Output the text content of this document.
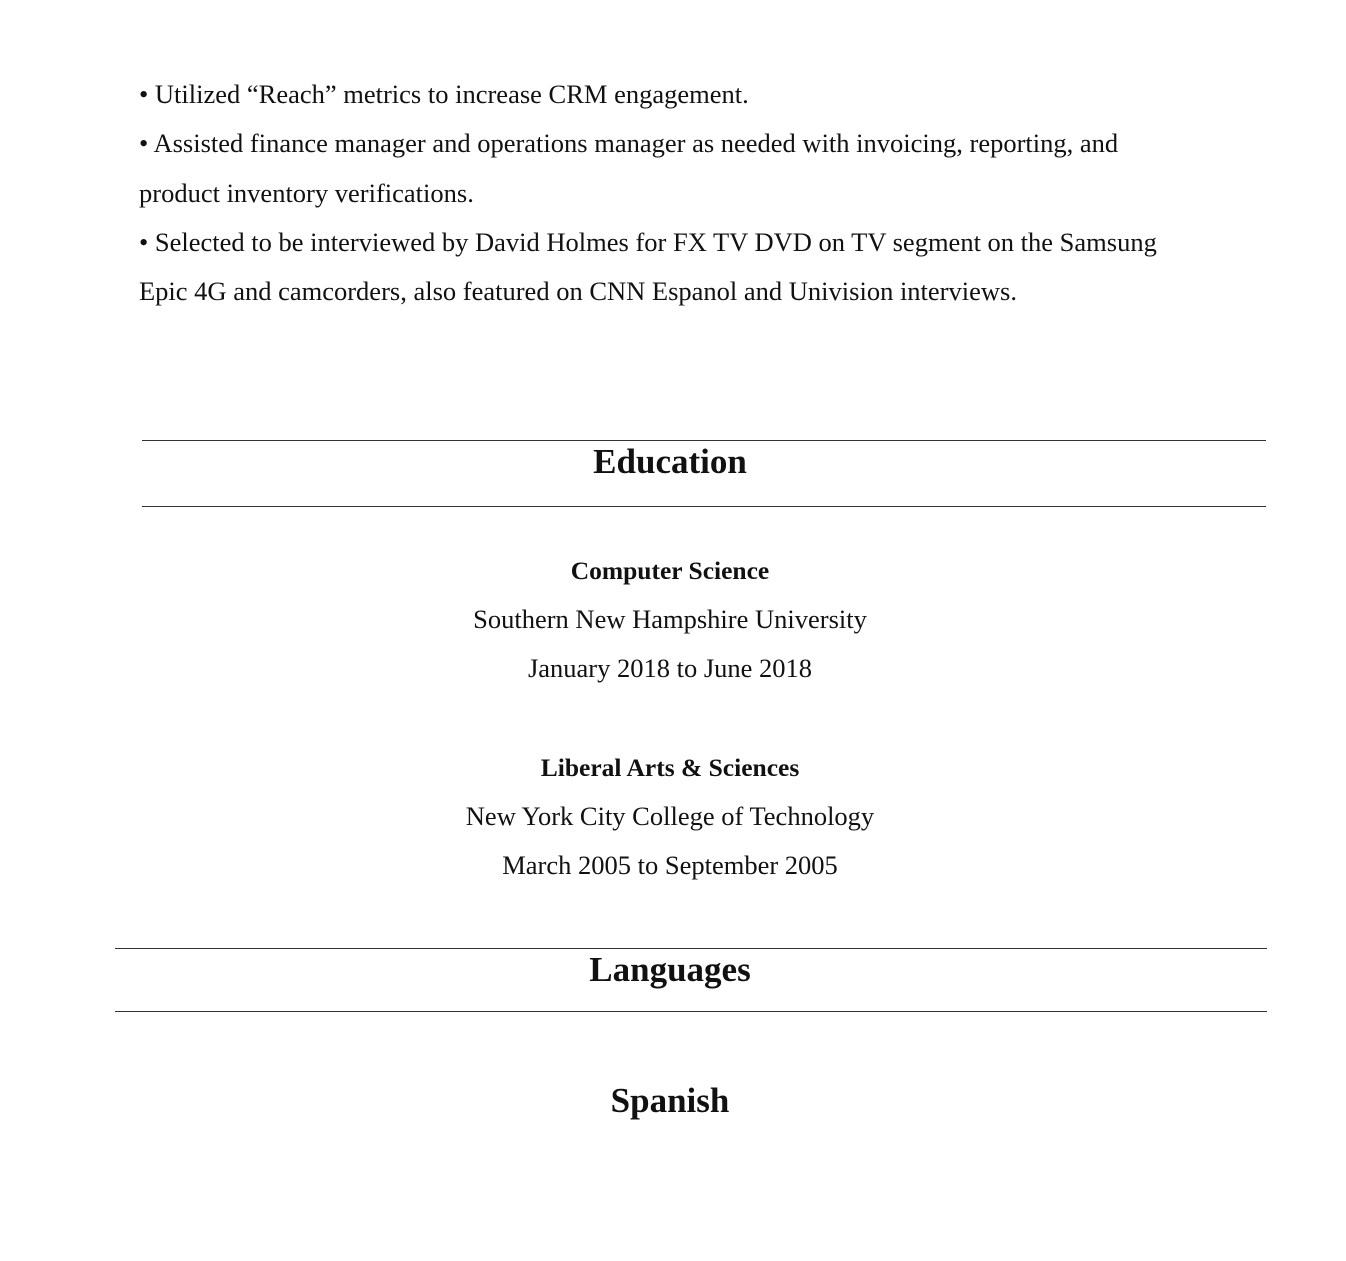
• Utilized “Reach” metrics to increase CRM engagement.
• Assisted finance manager and operations manager as needed with invoicing, reporting, and product inventory verifications.
• Selected to be interviewed by David Holmes for FX TV DVD on TV segment on the Samsung Epic 4G and camcorders, also featured on CNN Espanol and Univision interviews.
Education
Computer Science
Southern New Hampshire University
January 2018 to June 2018
Liberal Arts & Sciences
New York City College of Technology
March 2005 to September 2005
Languages
Spanish
